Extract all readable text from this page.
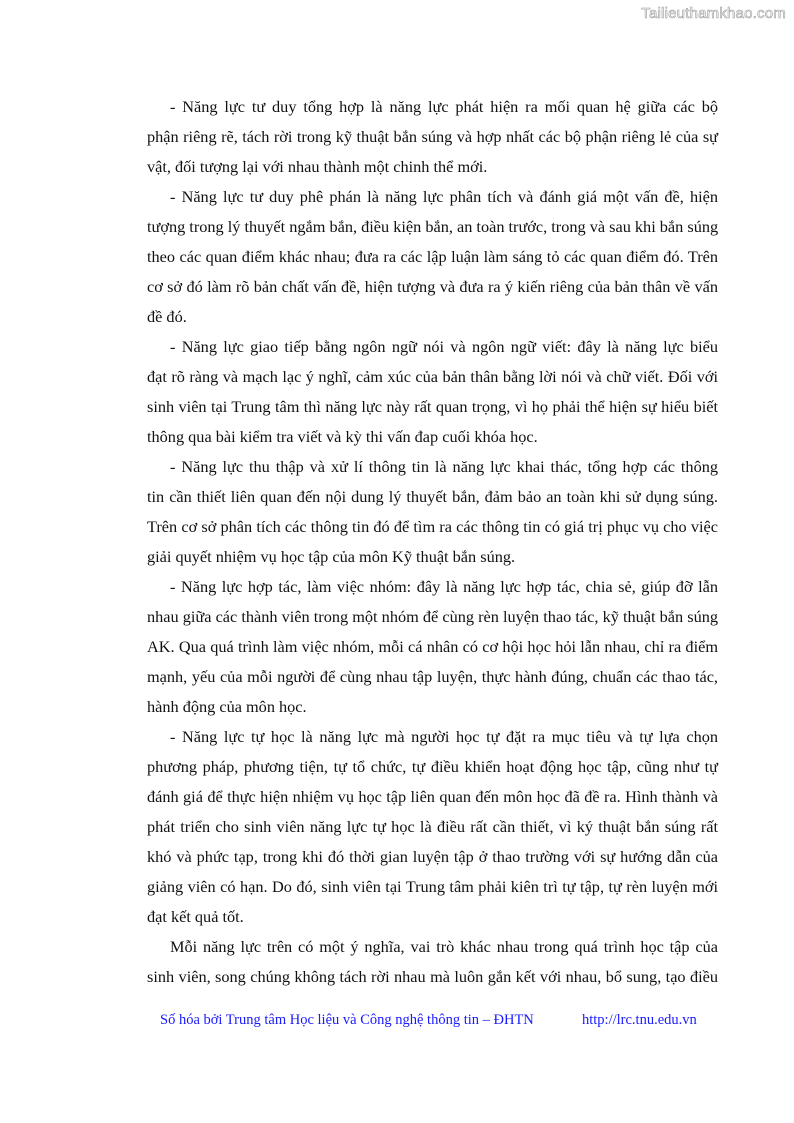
Tailieuthamkhao.com
- Năng lực tư duy tổng hợp là năng lực phát hiện ra mối quan hệ giữa các bộ
phận riêng rẽ, tách rời trong kỹ thuật bắn súng và hợp nhất các bộ phận riêng lẻ của sự
vật, đối tượng lại với nhau thành một chinh thể mới.
- Năng lực tư duy phê phán là năng lực phân tích và đánh giá một vấn đề, hiện
tượng trong lý thuyết ngắm bắn, điều kiện bắn, an toàn trước, trong và sau khi bắn súng
theo các quan điểm khác nhau; đưa ra các lập luận làm sáng tỏ các quan điểm đó. Trên
cơ sở đó làm rõ bản chất vấn đề, hiện tượng và đưa ra ý kiến riêng của bản thân về vấn
đề đó.
- Năng lực giao tiếp bằng ngôn ngữ nói và ngôn ngữ viết: đây là năng lực biểu
đạt rõ ràng và mạch lạc ý nghĩ, cảm xúc của bản thân bằng lời nói và chữ viết. Đối với
sinh viên tại Trung tâm thì năng lực này rất quan trọng, vì họ phải thể hiện sự hiểu biết
thông qua bài kiểm tra viết và kỳ thi vấn đap cuối khóa học.
- Năng lực thu thập và xử lí thông tin là năng lực khai thác, tổng hợp các thông
tin cần thiết liên quan đến nội dung lý thuyết bắn, đảm bảo an toàn khi sử dụng súng.
Trên cơ sở phân tích các thông tin đó để tìm ra các thông tin có giá trị phục vụ cho việc
giải quyết nhiệm vụ học tập của môn Kỹ thuật bắn súng.
- Năng lực hợp tác, làm việc nhóm: đây là năng lực hợp tác, chia sẻ, giúp đỡ lẫn
nhau giữa các thành viên trong một nhóm để cùng rèn luyện thao tác, kỹ thuật bắn súng
AK. Qua quá trình làm việc nhóm, mỗi cá nhân có cơ hội học hỏi lẫn nhau, chỉ ra điểm
mạnh, yếu của mỗi người để cùng nhau tập luyện, thực hành đúng, chuẩn các thao tác,
hành động của môn học.
- Năng lực tự học là năng lực mà người học tự đặt ra mục tiêu và tự lựa chọn
phương pháp, phương tiện, tự tổ chức, tự điều khiển hoạt động học tập, cũng như tự
đánh giá để thực hiện nhiệm vụ học tập liên quan đến môn học đã đề ra. Hình thành và
phát triển cho sinh viên năng lực tự học là điều rất cần thiết, vì ký thuật bắn súng rất
khó và phức tạp, trong khi đó thời gian luyện tập ở thao trường với sự hướng dẫn của
giảng viên có hạn. Do đó, sinh viên tại Trung tâm phải kiên trì tự tập, tự rèn luyện mới
đạt kết quả tốt.
Mỗi năng lực trên có một ý nghĩa, vai trò khác nhau trong quá trình học tập của
sinh viên, song chúng không tách rời nhau mà luôn gắn kết với nhau, bổ sung, tạo điều
Số hóa bởi Trung tâm Học liệu và Công nghệ thông tin – ĐHTN	http://lrc.tnu.edu.vn
